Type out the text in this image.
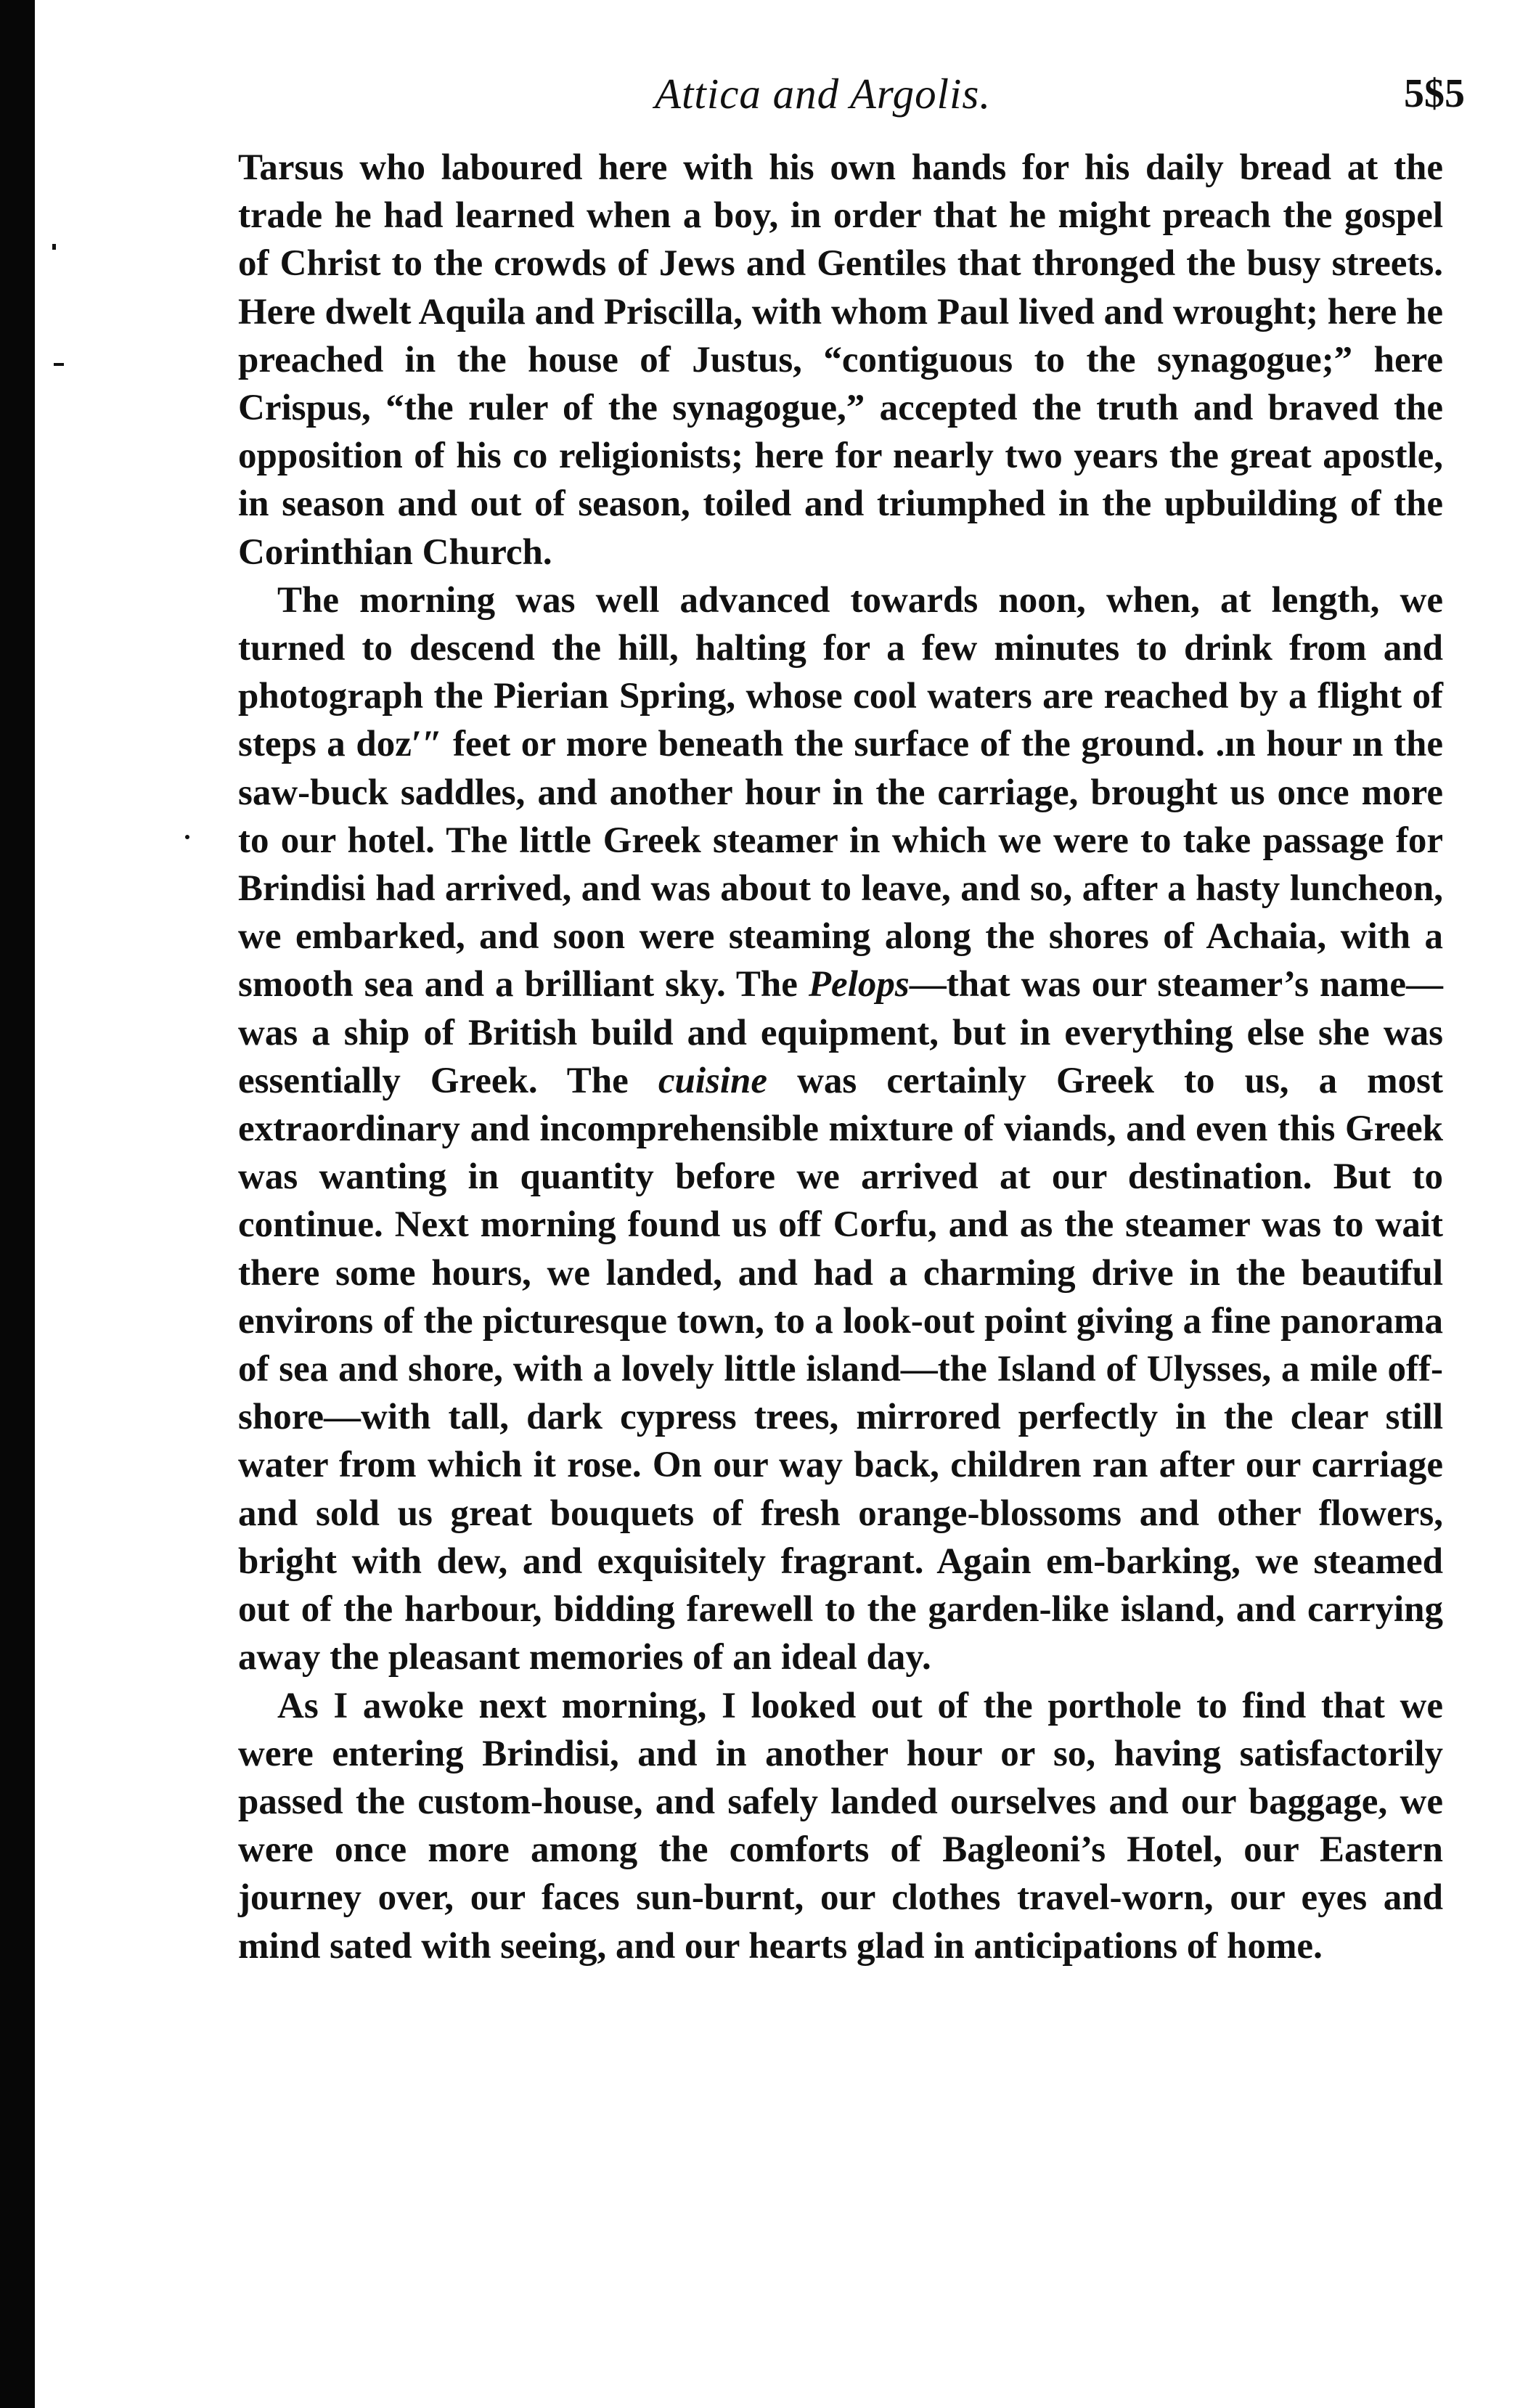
Attica and Argolis.	5$5

Tarsus who laboured here with his own hands for his daily bread at the trade he had learned when a boy, in order that he might preach the gospel of Christ to the crowds of Jews and Gentiles that thronged the busy streets. Here dwelt Aquila and Priscilla, with whom Paul lived and wrought; here he preached in the house of Justus, “contiguous to the synagogue;” here Crispus, “the ruler of the synagogue,” accepted the truth and braved the opposition of his co religionists; here for nearly two years the great apostle, in season and out of season, toiled and triumphed in the upbuilding of the Corinthian Church.

The morning was well advanced towards noon, when, at length, we turned to descend the hill, halting for a few minutes to drink from and photograph the Pierian Spring, whose cool waters are reached by a flight of steps a doz′″ feet or more beneath the surface of the ground. .ın hour ın the saw-buck saddles, and another hour in the carriage, brought us once more to our hotel. The little Greek steamer in which we were to take passage for Brindisi had arrived, and was about to leave, and so, after a hasty luncheon, we embarked, and soon were steaming along the shores of Achaia, with a smooth sea and a brilliant sky. The Pelops—that was our steamer’s name—was a ship of British build and equipment, but in everything else she was essentially Greek. The cuisine was certainly Greek to us, a most extraordinary and incomprehensible mixture of viands, and even this Greek was wanting in quantity before we arrived at our destination. But to continue. Next morning found us off Corfu, and as the steamer was to wait there some hours, we landed, and had a charming drive in the beautiful environs of the picturesque town, to a look-out point giving a fine panorama of sea and shore, with a lovely little island—the Island of Ulysses, a mile off-shore—with tall, dark cypress trees, mirrored perfectly in the clear still water from which it rose. On our way back, children ran after our carriage and sold us great bouquets of fresh orange-blossoms and other flowers, bright with dew, and exquisitely fragrant. Again em-barking, we steamed out of the harbour, bidding farewell to the garden-like island, and carrying away the pleasant memories of an ideal day.

As I awoke next morning, I looked out of the porthole to find that we were entering Brindisi, and in another hour or so, having satisfactorily passed the custom-house, and safely landed ourselves and our baggage, we were once more among the comforts of Bagleoni’s Hotel, our Eastern journey over, our faces sun-burnt, our clothes travel-worn, our eyes and mind sated with seeing, and our hearts glad in anticipations of home.
